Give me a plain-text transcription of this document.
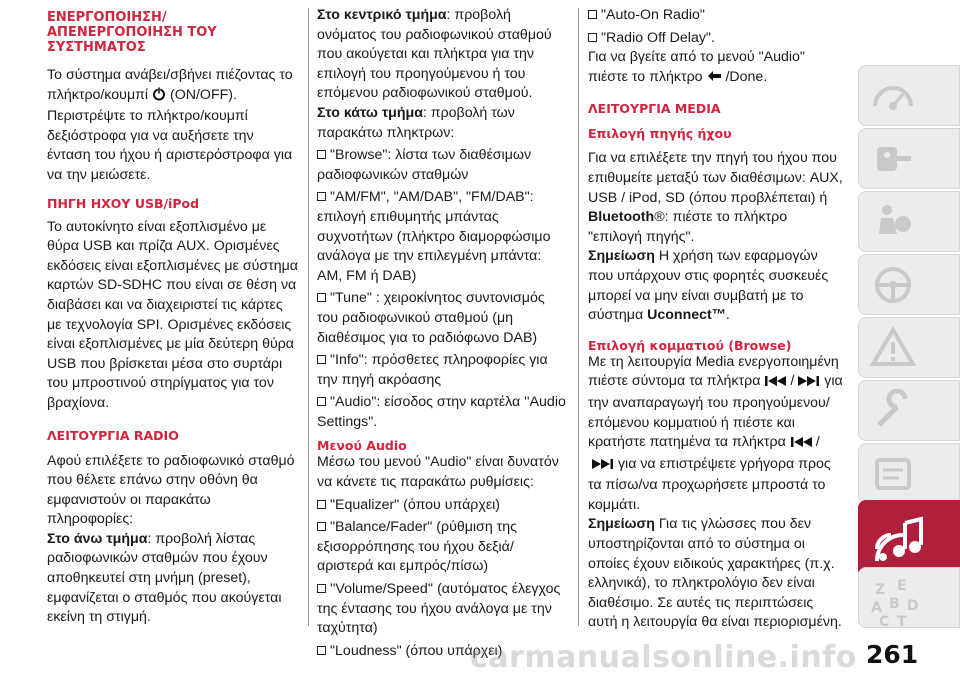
ΕΝΕΡΓΟΠΟΙΗΣΗ/ ΑΠΕΝΕΡΓΟΠΟΙΗΣΗ ΤΟΥ ΣΥΣΤΗΜΑΤΟΣ

Το σύστημα ανάβει/σβήνει πιέζοντας το πλήκτρο/κουμπί (ON/OFF). Περιστρέψτε το πλήκτρο/κουμπί δεξιόστροφα για να αυξήσετε την ένταση του ήχου ή αριστερόστροφα για να την μειώσετε.

ΠΗΓΗ ΗΧΟΥ USB/iPod

Το αυτοκίνητο είναι εξοπλισμένο με θύρα USB και πρίζα AUX. Ορισμένες εκδόσεις είναι εξοπλισμένες με σύστημα καρτών SD-SDHC που είναι σε θέση να διαβάσει και να διαχειριστεί τις κάρτες με τεχνολογία SPI. Ορισμένες εκδόσεις είναι εξοπλισμένες με μία δεύτερη θύρα USB που βρίσκεται μέσα στο συρτάρι του μπροστινού στηρίγματος για τον βραχίονα.

ΛΕΙΤΟΥΡΓΙΑ RADIO

Αφού επιλέξετε το ραδιοφωνικό σταθμό που θέλετε επάνω στην οθόνη θα εμφανιστούν οι παρακάτω πληροφορίες:

Στο άνω τμήμα: προβολή λίστας ραδιοφωνικών σταθμών που έχουν αποθηκευτεί στη μνήμη (preset), εμφανίζεται ο σταθμός που ακούγεται εκείνη τη στιγμή.

Στο κεντρικό τμήμα: προβολή ονόματος του ραδιοφωνικού σταθμού που ακούγεται και πλήκτρα για την επιλογή του προηγούμενου ή του επόμενου ραδιοφωνικού σταθμού.

Στο κάτω τμήμα: προβολή των παρακάτω πληκτρων:

"Browse": λίστα των διαθέσιμων ραδιοφωνικών σταθμών

"AM/FM", "AM/DAB", "FM/DAB": επιλογή επιθυμητής μπάντας συχνοτήτων (πλήκτρο διαμορφώσιμο ανάλογα με την επιλεγμένη μπάντα: AM, FM ή DAB)

"Tune" : χειροκίνητος συντονισμός του ραδιοφωνικού σταθμού (μη διαθέσιμος για το ραδιόφωνο DAB)

"Info": πρόσθετες πληροφορίες για την πηγή ακρόασης

"Audio": είσοδος στην καρτέλα ''Audio Settings".

Μενού Audio

Μέσω του μενού "Audio" είναι δυνατόν να κάνετε τις παρακάτω ρυθμίσεις:

"Equalizer" (όπου υπάρχει)

"Balance/Fader" (ρύθμιση της εξισορρόπησης του ήχου δεξιά/ αριστερά και εμπρός/πίσω)

''Volume/Speed'' (αυτόματος έλεγχος της έντασης του ήχου ανάλογα με την ταχύτητα)

"Loudness" (όπου υπάρχει)

"Auto-On Radio"

"Radio Off Delay".

Για να βγείτε από το μενού "Audio" πιέστε το πλήκτρο /Done.

ΛΕΙΤΟΥΡΓΙΑ MEDIA

Επιλογή πηγής ήχου

Για να επιλέξετε την πηγή του ήχου που επιθυμείτε μεταξύ των διαθέσιμων: AUX, USB / iPod, SD (όπου προβλέπεται) ή Bluetooth®: πιέστε το πλήκτρο "επιλογή πηγής".

Σημείωση Η χρήση των εφαρμογών που υπάρχουν στις φορητές συσκευές μπορεί να μην είναι συμβατή με το σύστημα Uconnect™.

Επιλογή κομματιού (Browse)

Με τη λειτουργία Media ενεργοποιημένη πιέστε σύντομα τα πλήκτρα / για την αναπαραγωγή του προηγούμενου/ επόμενου κομματιού ή πιέστε και κρατήστε πατημένα τα πλήκτρα / για να επιστρέψετε γρήγορα προς τα πίσω/να προχωρήσετε μπροστά το κομμάτι.

Σημείωση Για τις γλώσσες που δεν υποστηρίζονται από το σύστημα οι οποίες έχουν ειδικούς χαρακτήρες (π.χ. ελληνικά), το πληκτρολόγιο δεν είναι διαθέσιμο. Σε αυτές τις περιπτώσεις αυτή η λειτουργία θα είναι περιορισμένη.

Z E
Α B D
C T
carmanualsonline.info 261
